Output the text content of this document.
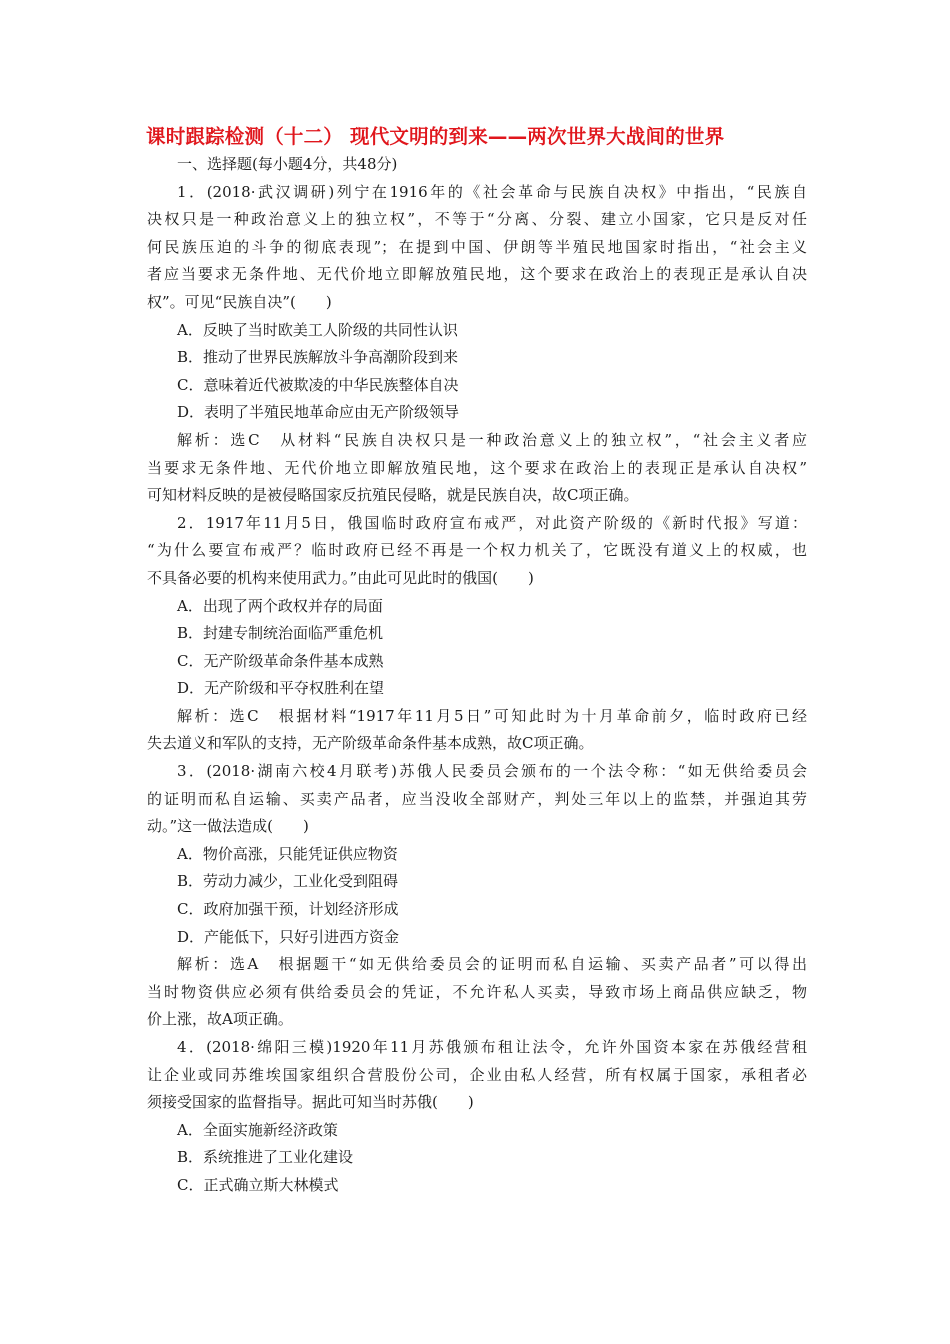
课时跟踪检测（十二） 现代文明的到来——两次世界大战间的世界
一、选择题(每小题4分，共48分)
1．(2018·武汉调研)列宁在1916年的《社会革命与民族自决权》中指出，“民族自
决权只是一种政治意义上的独立权”，不等于“分离、分裂、建立小国家，它只是反对任
何民族压迫的斗争的彻底表现”；在提到中国、伊朗等半殖民地国家时指出，“社会主义
者应当要求无条件地、无代价地立即解放殖民地，这个要求在政治上的表现正是承认自决
权”。可见“民族自决”(　　)
A．反映了当时欧美工人阶级的共同性认识
B．推动了世界民族解放斗争高潮阶段到来
C．意味着近代被欺凌的中华民族整体自决
D．表明了半殖民地革命应由无产阶级领导
解析：选C　从材料“民族自决权只是一种政治意义上的独立权”，“社会主义者应
当要求无条件地、无代价地立即解放殖民地，这个要求在政治上的表现正是承认自决权”
可知材料反映的是被侵略国家反抗殖民侵略，就是民族自决，故C项正确。
2．1917年11月5日，俄国临时政府宣布戒严，对此资产阶级的《新时代报》写道：
“为什么要宣布戒严？临时政府已经不再是一个权力机关了，它既没有道义上的权威，也
不具备必要的机构来使用武力。”由此可见此时的俄国(　　)
A．出现了两个政权并存的局面
B．封建专制统治面临严重危机
C．无产阶级革命条件基本成熟
D．无产阶级和平夺权胜利在望
解析：选C　根据材料“1917年11月5日”可知此时为十月革命前夕，临时政府已经
失去道义和军队的支持，无产阶级革命条件基本成熟，故C项正确。
3．(2018·湖南六校4月联考)苏俄人民委员会颁布的一个法令称：“如无供给委员会
的证明而私自运输、买卖产品者，应当没收全部财产，判处三年以上的监禁，并强迫其劳
动。”这一做法造成(　　)
A．物价高涨，只能凭证供应物资
B．劳动力减少，工业化受到阻碍
C．政府加强干预，计划经济形成
D．产能低下，只好引进西方资金
解析：选A　根据题干“如无供给委员会的证明而私自运输、买卖产品者”可以得出
当时物资供应必须有供给委员会的凭证，不允许私人买卖，导致市场上商品供应缺乏，物
价上涨，故A项正确。
4．(2018·绵阳三模)1920年11月苏俄颁布租让法令，允许外国资本家在苏俄经营租
让企业或同苏维埃国家组织合营股份公司，企业由私人经营，所有权属于国家，承租者必
须接受国家的监督指导。据此可知当时苏俄(　　)
A．全面实施新经济政策
B．系统推进了工业化建设
C．正式确立斯大林模式
